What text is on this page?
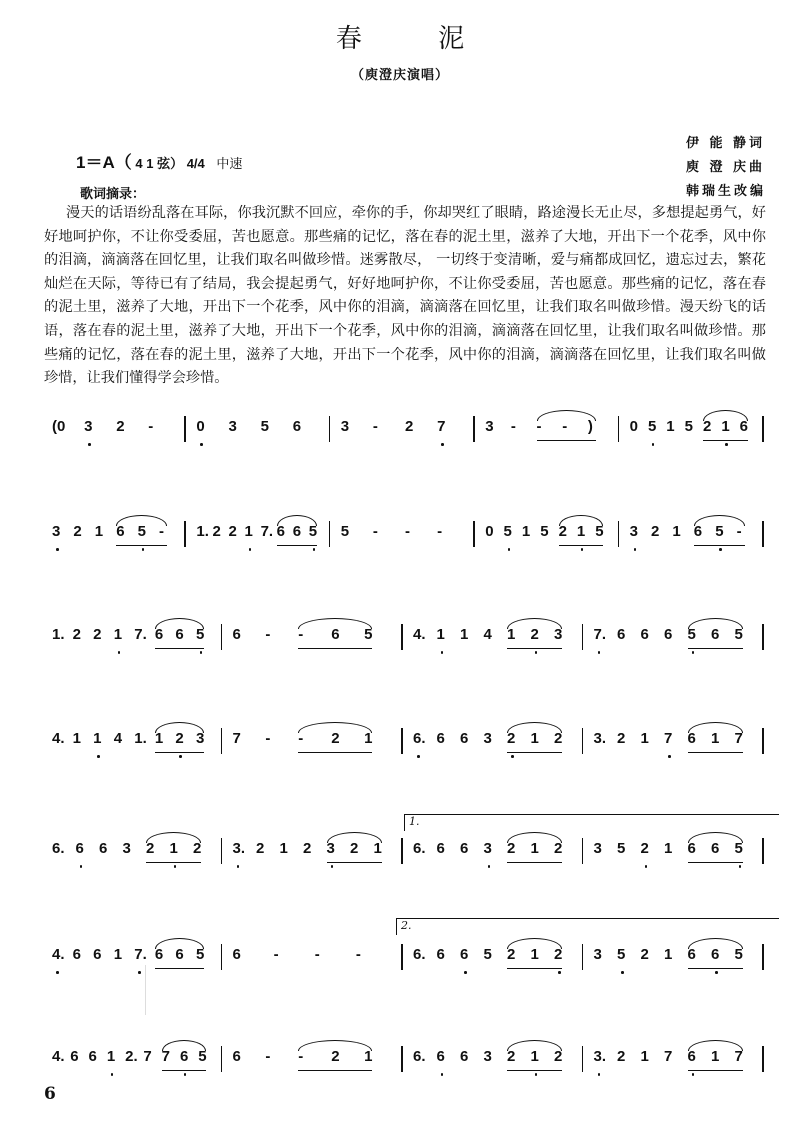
春 泥
（庾澄庆演唱）
伊 能 静词
庾 澄 庆曲
韩瑞生改编
1＝A（ 4 1 弦） 4/4 中速
歌词摘录：
漫天的话语纷乱落在耳际，你我沉默不回应，牵你的手，你却哭红了眼睛，路途漫长无止尽，多想提起勇气，好好地呵护你，不让你受委屈，苦也愿意。那些痛的记忆，落在春的泥土里，滋养了大地，开出下一个花季，风中你的泪滴，滴滴落在回忆里，让我们取名叫做珍惜。迷雾散尽， 一切终于变清晰，爱与痛都成回忆，遗忘过去，繁花灿烂在天际，等待已有了结局，我会提起勇气，好好地呵护你，不让你受委屈，苦也愿意。那些痛的记忆，落在春的泥土里，滋养了大地，开出下一个花季，风中你的泪滴，滴滴落在回忆里，让我们取名叫做珍惜。漫天纷飞的话语，落在春的泥土里，滋养了大地，开出下一个花季，风中你的泪滴，滴滴落在回忆里，让我们取名叫做珍惜。那些痛的记忆，落在春的泥土里，滋养了大地，开出下一个花季，风中你的泪滴，滴滴落在回忆里，让我们取名叫做珍惜，让我们懂得学会珍惜。
(0 3 2 -	0 3 5 6	3 - 2 7	3 - - - ) 0 5 1 5 2 1 6
3 2 1 6 5 - 1. 2 2 1 7. 6 6 5 5 - - -	0 5 1 5 2 1 5 3 2 1 6 5 -
1. 2 2 1 7. 6 6 5 6 - - 6 5	4. 1 1 4 1 2 3 7. 6 6 6 5 6 5
4. 1 1 4 1. 1 2 3 7 - - 2 1	6. 6 6 3 2 1 2 3. 2 1 7 6 1 7
6. 6 6 3 2 1 2 3. 2 1 2 3 2 1 6. 6 6 3 2 1 2 3 5 2 1 6 6 5
4. 6 6 1 7. 6 6 5 6 - - -	6. 6 6 5 2 1 2 3 5 2 1 6 6 5
4. 6 6 1 2. 7 7 6 5 6 - - 2 1	6. 6 6 3 2 1 2 3. 2 1 7 6 1 7
1.
2.
6
